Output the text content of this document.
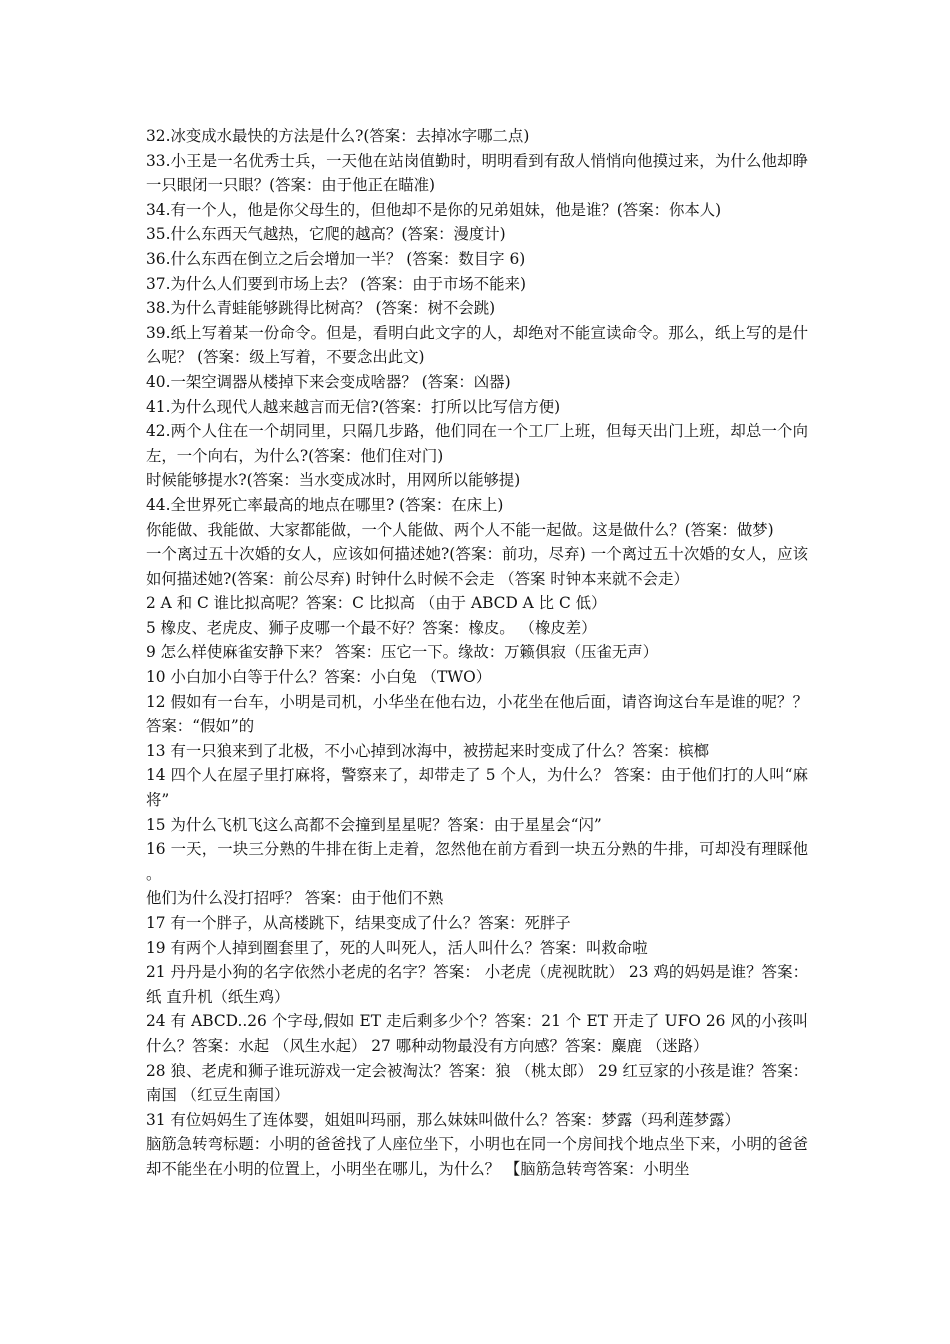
32.冰变成水最快的方法是什么?(答案：去掉冰字哪二点)

33.小王是一名优秀士兵，一天他在站岗值勤时，明明看到有敌人悄悄向他摸过来，为什么他却睁一只眼闭一只眼？(答案：由于他正在瞄准)

34.有一个人，他是你父母生的，但他却不是你的兄弟姐妹，他是谁？(答案：你本人)

35.什么东西天气越热，它爬的越高？(答案：漫度计)

36.什么东西在倒立之后会增加一半？ (答案：数目字 6)

37.为什么人们要到市场上去？ (答案：由于市场不能来)

38.为什么青蛙能够跳得比树高？ (答案：树不会跳)

39.纸上写着某一份命令。但是，看明白此文字的人，却绝对不能宣读命令。那么，纸上写的是什么呢？ (答案：级上写着，不要念出此文)

40.一架空调器从楼掉下来会变成啥器？ (答案：凶器)

41.为什么现代人越来越言而无信?(答案：打所以比写信方便)

42.两个人住在一个胡同里，只隔几步路，他们同在一个工厂上班，但每天出门上班，却总一个向左，一个向右，为什么?(答案：他们住对门)

时候能够提水?(答案：当水变成冰时，用网所以能够提)

44.全世界死亡率最高的地点在哪里? (答案：在床上)

你能做、我能做、大家都能做，一个人能做、两个人不能一起做。这是做什么？(答案：做梦)

一个离过五十次婚的女人，应该如何描述她?(答案：前功，尽弃) 一个离过五十次婚的女人，应该如何描述她?(答案：前公尽弃) 时钟什么时候不会走 （答案 时钟本来就不会走）

2 A 和 C 谁比拟高呢？答案：C 比拟高 （由于 ABCD A 比 C 低）

5 橡皮、老虎皮、狮子皮哪一个最不好？答案：橡皮。 （橡皮差）

9 怎么样使麻雀安静下来？ 答案：压它一下。缘故：万籁俱寂（压雀无声）

10 小白加小白等于什么？答案：小白兔 （TWO）

12 假如有一台车，小明是司机，小华坐在他右边，小花坐在他后面，请咨询这台车是谁的呢？？ 答案：“假如”的

13 有一只狼来到了北极，不小心掉到冰海中，被捞起来时变成了什么？答案：槟榔

14 四个人在屋子里打麻将，警察来了，却带走了 5 个人，为什么？ 答案：由于他们打的人叫“麻将”

15 为什么飞机飞这么高都不会撞到星星呢？答案：由于星星会“闪”

16 一天，一块三分熟的牛排在街上走着，忽然他在前方看到一块五分熟的牛排，可却没有理睬他。

他们为什么没打招呼？ 答案：由于他们不熟

17 有一个胖子，从高楼跳下，结果变成了什么？答案：死胖子

19 有两个人掉到圈套里了，死的人叫死人，活人叫什么？答案：叫救命啦

21 丹丹是小狗的名字依然小老虎的名字？答案： 小老虎（虎视眈眈） 23 鸡的妈妈是谁？答案：纸 直升机（纸生鸡）

24 有 ABCD..26 个字母,假如 ET 走后剩多少个？答案：21 个 ET 开走了 UFO 26 风的小孩叫什么？答案：水起 （风生水起） 27 哪种动物最没有方向感？答案：麋鹿 （迷路）

28 狼、老虎和狮子谁玩游戏一定会被淘汰？答案：狼 （桃太郎） 29 红豆家的小孩是谁？答案：南国 （红豆生南国）

31 有位妈妈生了连体婴，姐姐叫玛丽，那么妹妹叫做什么？答案：梦露（玛利莲梦露）

脑筋急转弯标题：小明的爸爸找了人座位坐下，小明也在同一个房间找个地点坐下来，小明的爸爸却不能坐在小明的位置上，小明坐在哪儿，为什么？ 【脑筋急转弯答案：小明坐
